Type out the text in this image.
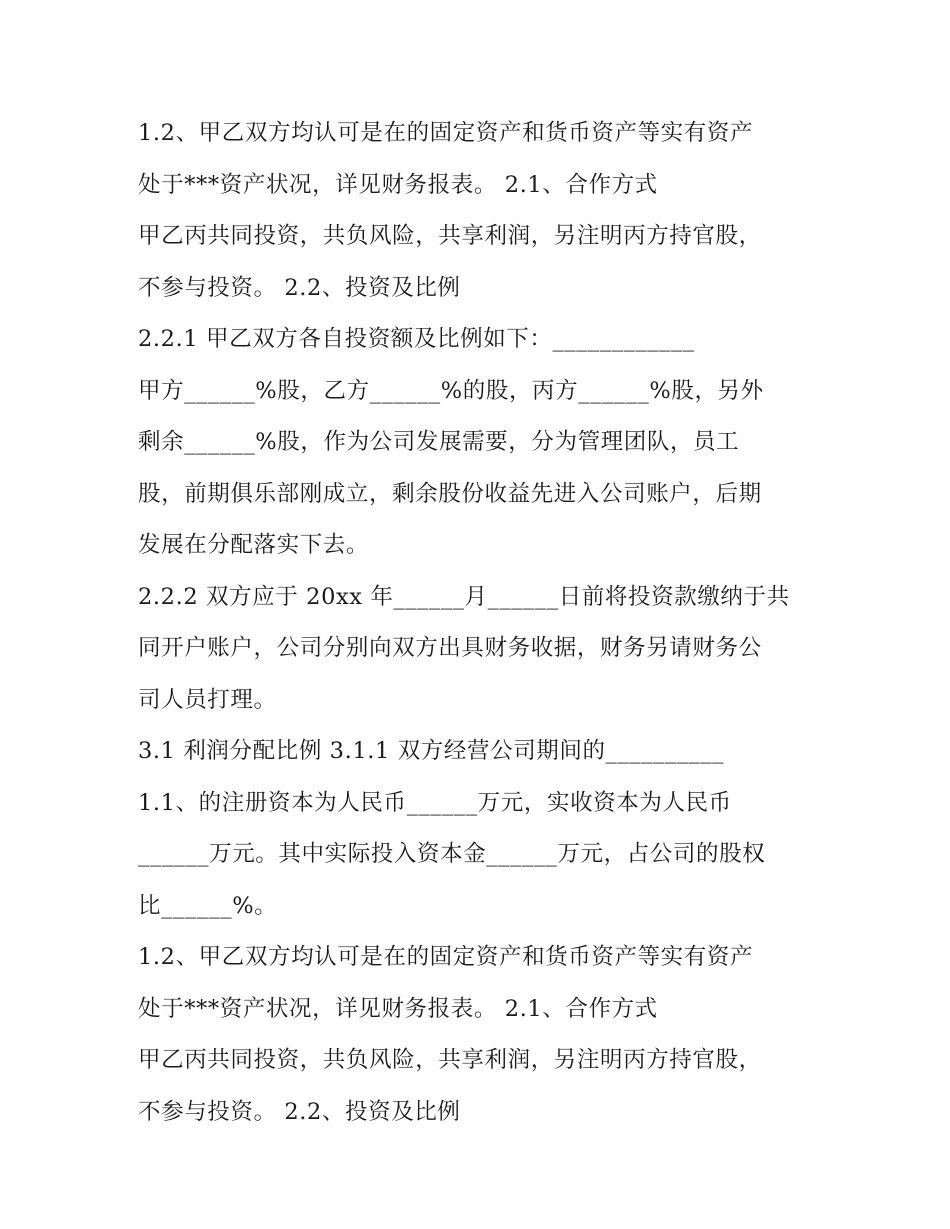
1.2、甲乙双方均认可是在的固定资产和货币资产等实有资产
处于***资产状况，详见财务报表。 2.1、合作方式
甲乙丙共同投资，共负风险，共享利润，另注明丙方持官股，
不参与投资。 2.2、投资及比例
2.2.1 甲乙双方各自投资额及比例如下：____________
甲方______%股，乙方______%的股，丙方______%股，另外
剩余______%股，作为公司发展需要，分为管理团队，员工
股，前期俱乐部刚成立，剩余股份收益先进入公司账户，后期
发展在分配落实下去。
2.2.2 双方应于 20xx 年______月______日前将投资款缴纳于共
同开户账户，公司分别向双方出具财务收据，财务另请财务公
司人员打理。
3.1 利润分配比例 3.1.1 双方经营公司期间的__________
1.1、的注册资本为人民币______万元，实收资本为人民币
______万元。其中实际投入资本金______万元，占公司的股权
比______%。
1.2、甲乙双方均认可是在的固定资产和货币资产等实有资产
处于***资产状况，详见财务报表。 2.1、合作方式
甲乙丙共同投资，共负风险，共享利润，另注明丙方持官股，
不参与投资。 2.2、投资及比例
